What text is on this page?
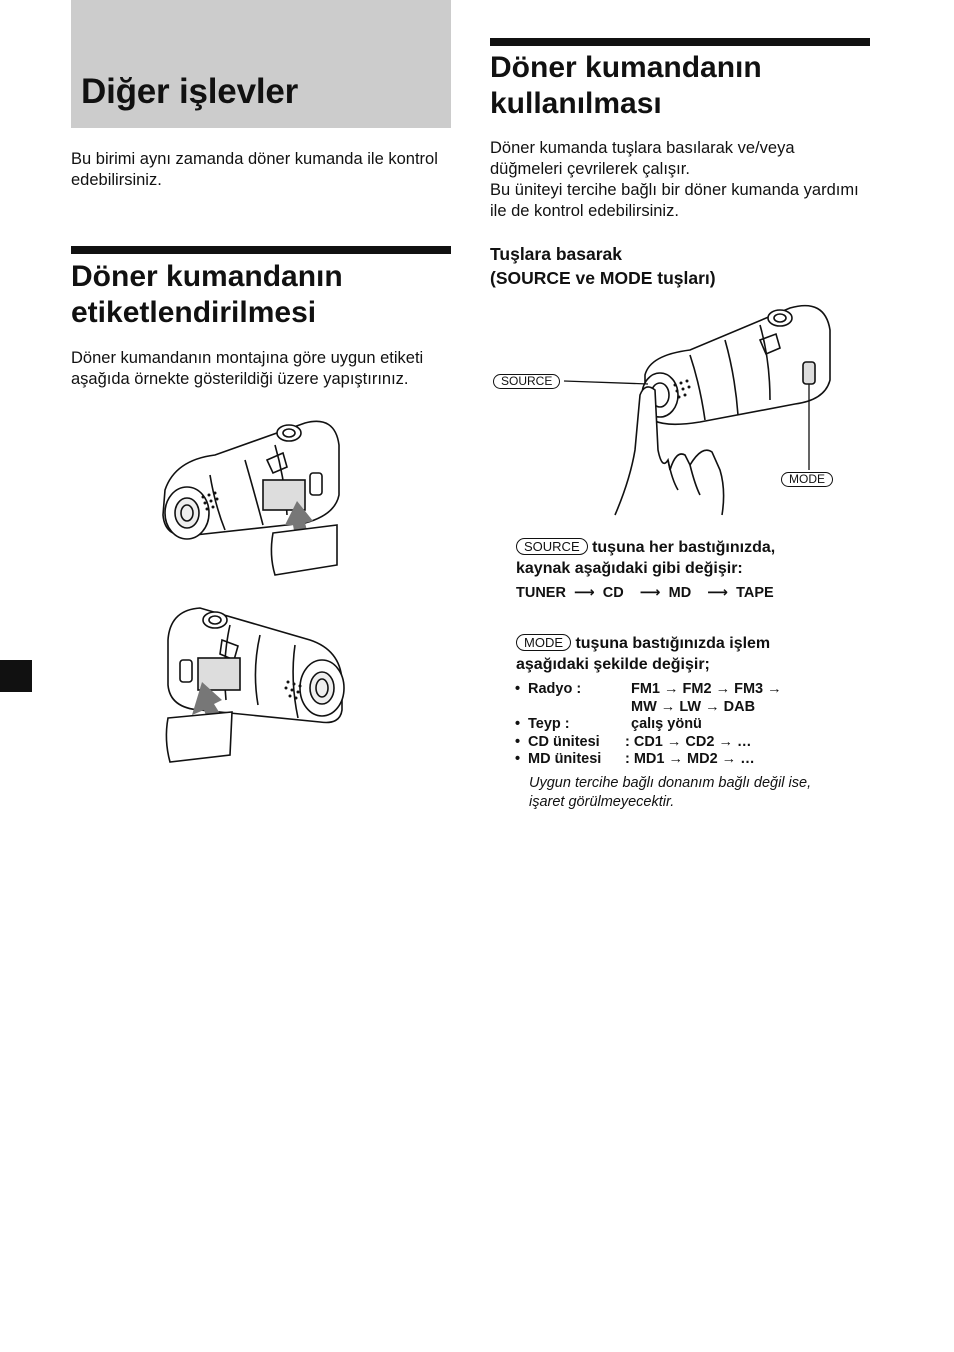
Diğer işlevler
Bu birimi aynı zamanda döner kumanda ile kontrol edebilirsiniz.
Döner kumandanın
etiketlendirilmesi
Döner kumandanın montajına göre uygun etiketi aşağıda örnekte gösterildiği üzere yapıştırınız.
Döner kumandanın
kullanılması
Döner kumanda tuşlara basılarak ve/veya düğmeleri çevrilerek çalışır.
Bu üniteyi tercihe bağlı bir döner kumanda yardımı ile de kontrol edebilirsiniz.
Tuşlara basarak
(SOURCE ve MODE tuşları)
SOURCE
MODE
SOURCE tuşuna her bastığınızda,
kaynak aşağıdaki gibi değişir:
TUNER ⟶ CD ⟶ MD ⟶ TAPE
MODE tuşuna bastığınızda işlem
aşağıdaki şekilde değişir;
• Radyo :	FM1 → FM2 → FM3 →
MW → LW → DAB
• Teyp :	çalış yönü
• CD ünitesi	: CD1 → CD2 → …
• MD ünitesi	: MD1 → MD2 → …
Uygun tercihe bağlı donanım bağlı değil ise, işaret görülmeyecektir.
